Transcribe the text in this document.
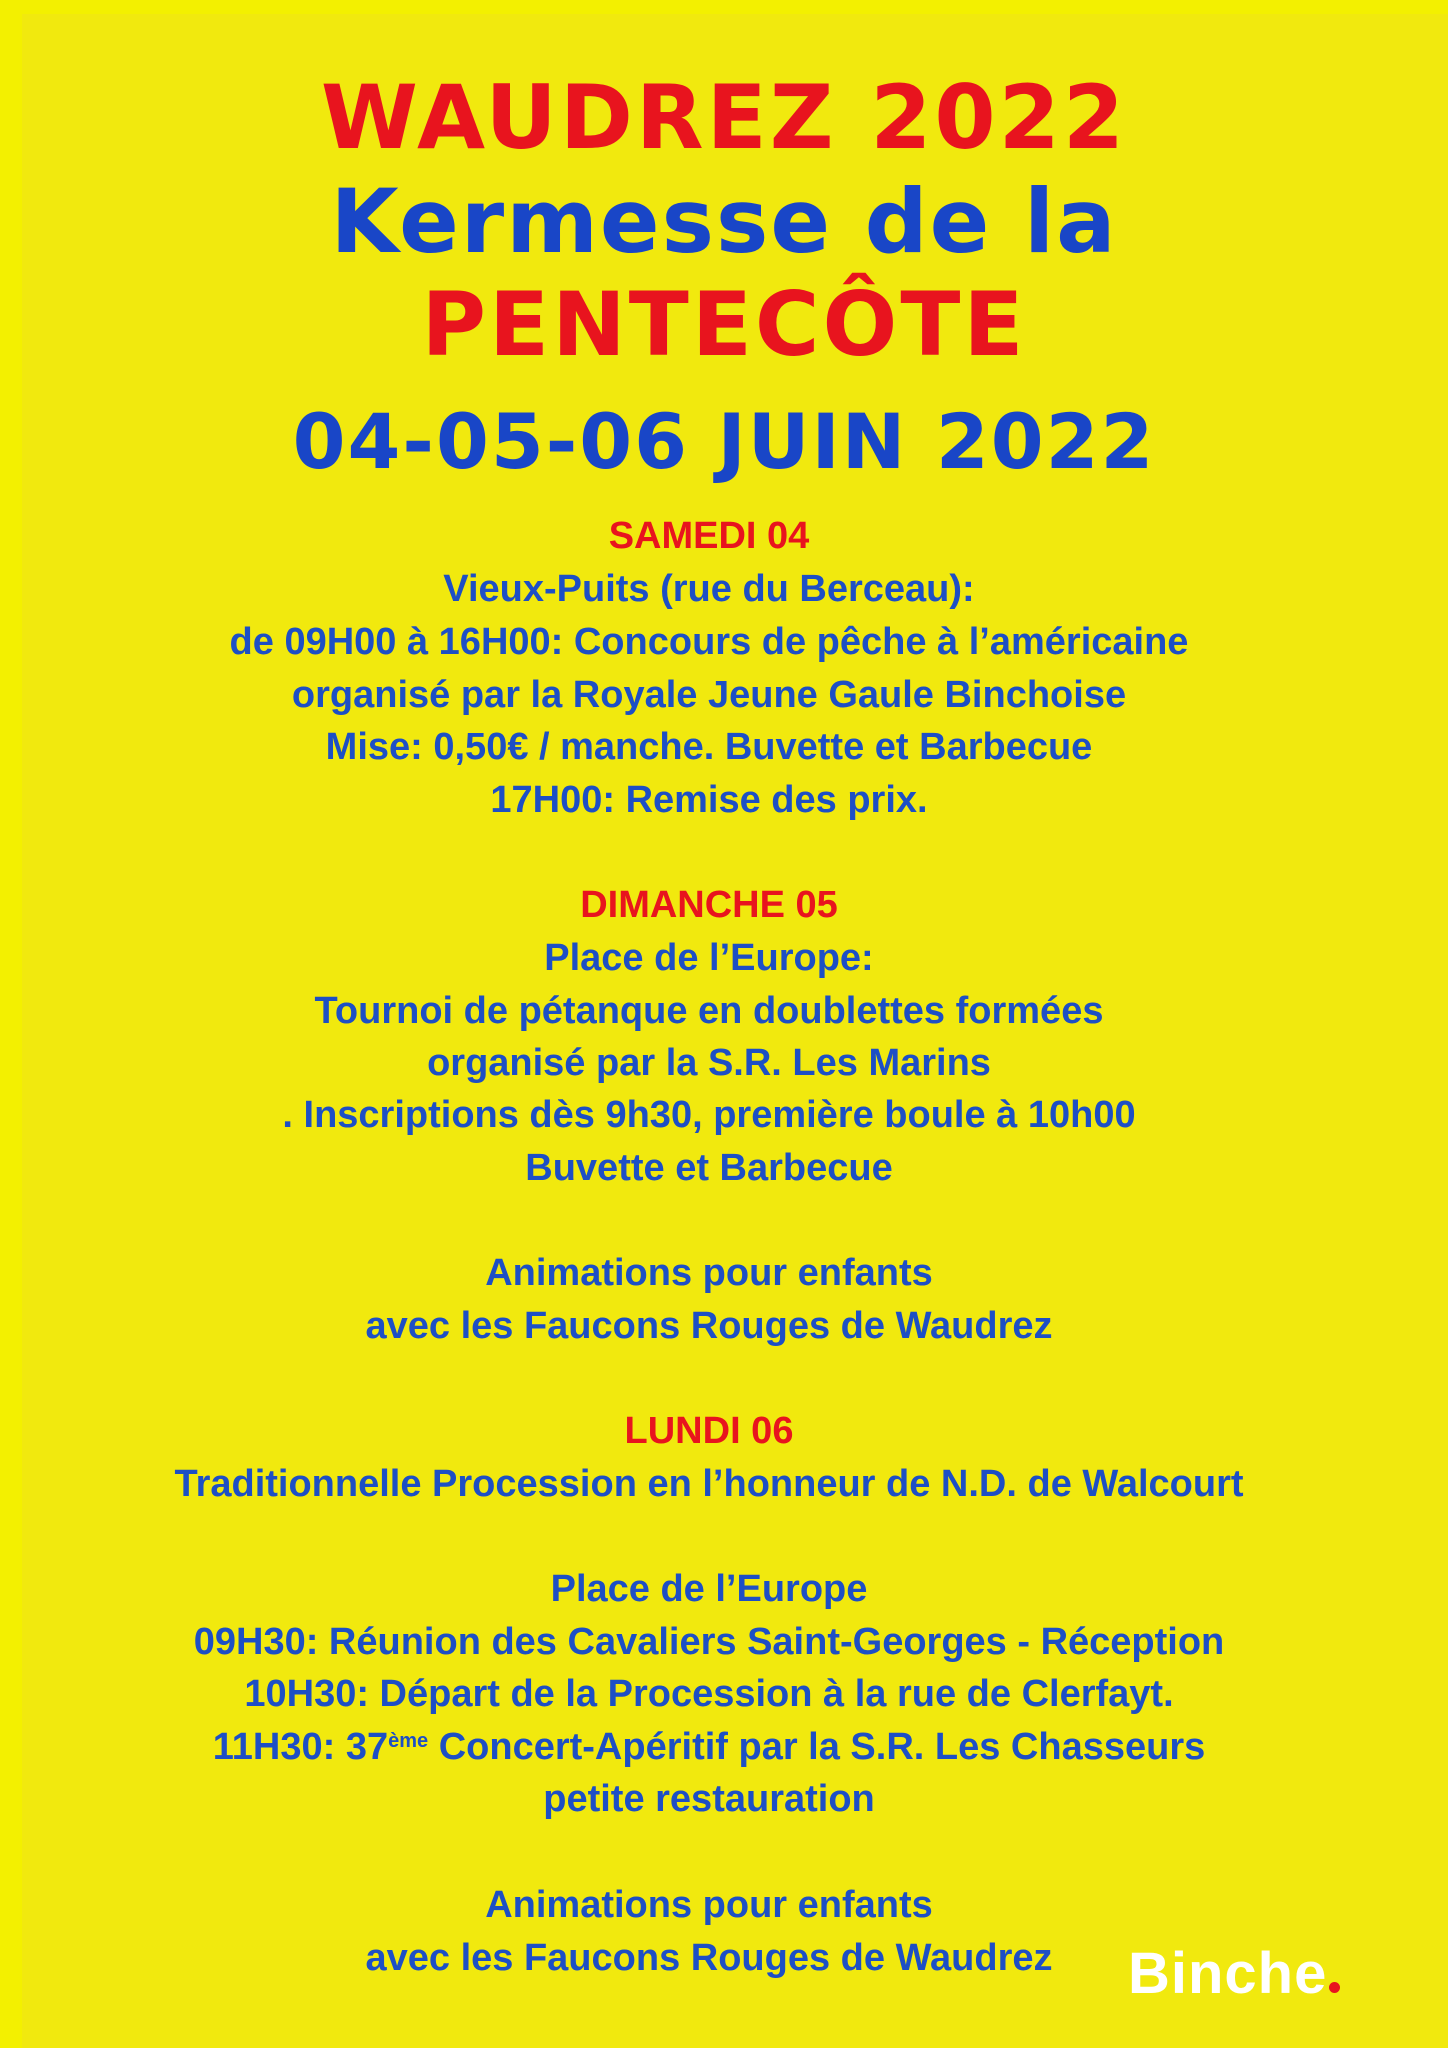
WAUDREZ 2022
Kermesse de la
PENTECÔTE
04-05-06 JUIN 2022
SAMEDI 04
Vieux-Puits (rue du Berceau):
de 09H00 à 16H00: Concours de pêche à l’américaine
organisé par la Royale Jeune Gaule Binchoise
Mise: 0,50€ / manche. Buvette et Barbecue
17H00: Remise des prix.
DIMANCHE 05
Place de l’Europe:
Tournoi de pétanque en doublettes formées
organisé par la S.R. Les Marins
. Inscriptions dès 9h30, première boule à 10h00
Buvette et Barbecue
Animations pour enfants
avec les Faucons Rouges de Waudrez
LUNDI 06
Traditionnelle Procession en l’honneur de N.D. de Walcourt
Place de l’Europe
09H30: Réunion des Cavaliers Saint-Georges - Réception
10H30: Départ de la Procession à la rue de Clerfayt.
11H30: 37ème Concert-Apéritif par la S.R. Les Chasseurs
petite restauration
Animations pour enfants
avec les Faucons Rouges de Waudrez	Binche
